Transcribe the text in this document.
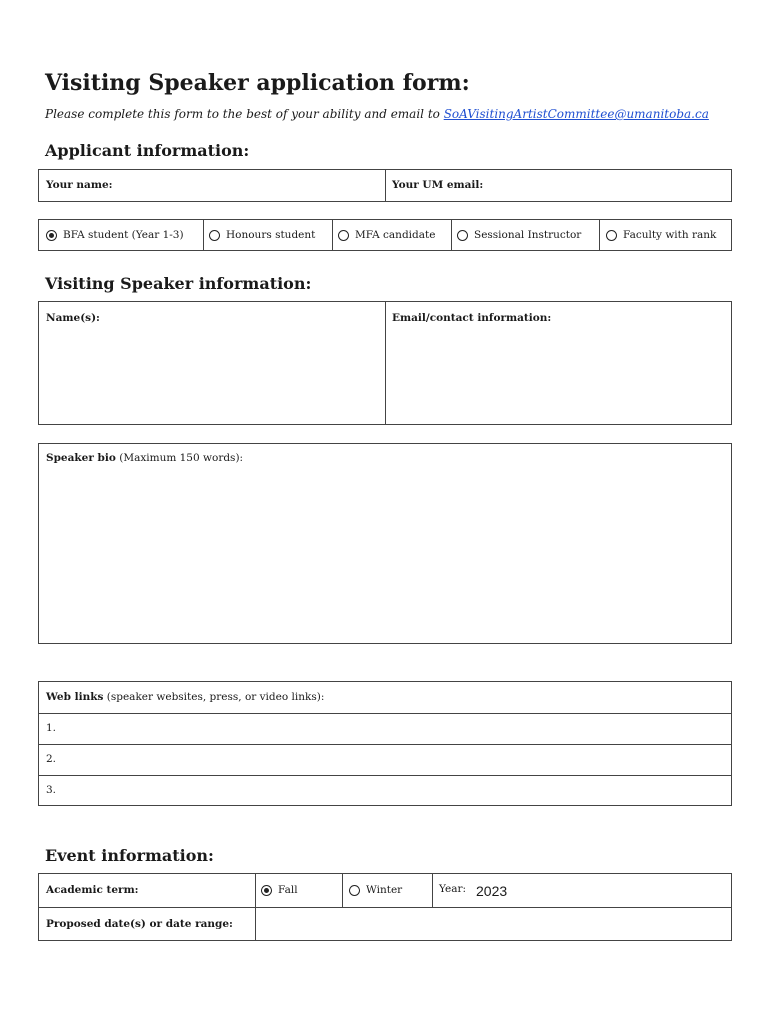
Visiting Speaker application form:
Please complete this form to the best of your ability and email to SoAVisitingArtistCommittee@umanitoba.ca
Applicant information:
Your name:	Your UM email:
BFA student (Year 1-3)	Honours student	MFA candidate	Sessional Instructor	Faculty with rank
Visiting Speaker information:
Name(s):	Email/contact information:
Speaker bio (Maximum 150 words):
Web links (speaker websites, press, or video links):
1.
2.
3.
Event information:
Academic term:	Fall	Winter	Year: 2023
Proposed date(s) or date range:
